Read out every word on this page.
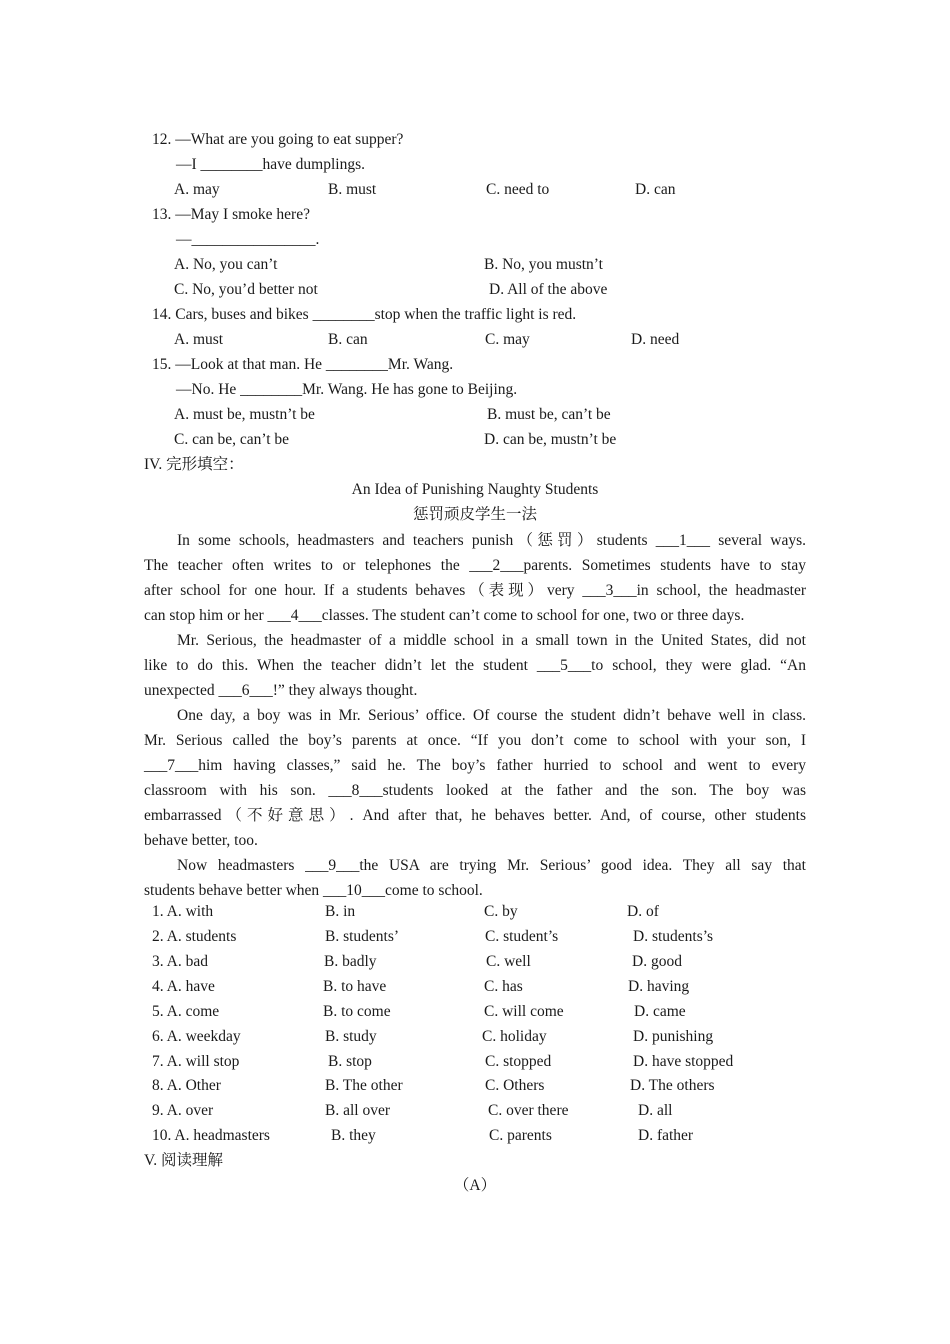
12. —What are you going to eat supper?
—I ________have dumplings.
A. may	B. must	C. need to	D. can
13. —May I smoke here?
—________________.
A. No, you can’t	B. No, you mustn’t
C. No, you’d better not	D. All of the above
14. Cars, buses and bikes ________stop when the traffic light is red.
A. must	B. can	C. may	D. need
15. —Look at that man. He ________Mr. Wang.
—No. He ________Mr. Wang. He has gone to Beijing.
A. must be, mustn’t be	B. must be, can’t be
C. can be, can’t be	D. can be, mustn’t be
IV. 完形填空：
An Idea of Punishing Naughty Students
惩罚顽皮学生一法
In some schools, headmasters and teachers punish（惩罚）students ___1___ several ways.
The teacher often writes to or telephones the ___2___parents. Sometimes students have to stay
after school for one hour. If a students behaves（表现）very ___3___in school, the headmaster
can stop him or her ___4___classes. The student can’t come to school for one, two or three days.
Mr. Serious, the headmaster of a middle school in a small town in the United States, did not
like to do this. When the teacher didn’t let the student ___5___to school, they were glad. “An
unexpected ___6___!” they always thought.
One day, a boy was in Mr. Serious’ office. Of course the student didn’t behave well in class.
Mr. Serious called the boy’s parents at once. “If you don’t come to school with your son, I
___7___him having classes,” said he. The boy’s father hurried to school and went to every
classroom with his son. ___8___students looked at the father and the son. The boy was
embarrassed（不好意思）. And after that, he behaves better. And, of course, other students
behave better, too.
Now headmasters ___9___the USA are trying Mr. Serious’ good idea. They all say that
students behave better when ___10___come to school.
1. A. with	B. in	C. by	D. of
2. A. students	B. students’	C. student’s	D. students’s
3. A. bad	B. badly	C. well	D. good
4. A. have	B. to have	C. has	D. having
5. A. come	B. to come	C. will come	D. came
6. A. weekday	B. study	C. holiday	D. punishing
7. A. will stop	B. stop	C. stopped	D. have stopped
8. A. Other	B. The other	C. Others	D. The others
9. A. over	B. all over	C. over there	D. all
10. A. headmasters	B. they	C. parents	D. father
V. 阅读理解
（A）
